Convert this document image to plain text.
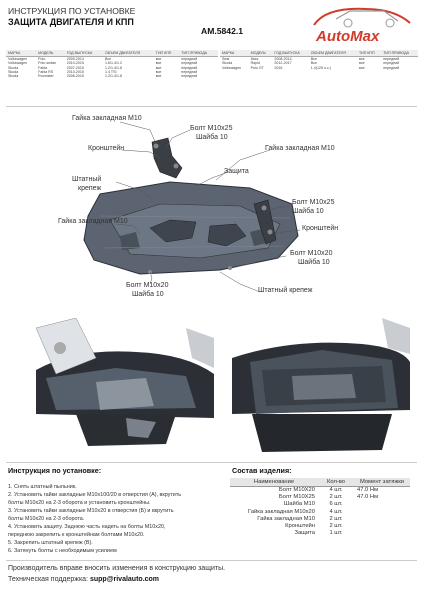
ИНСТРУКЦИЯ ПО УСТАНОВКЕ
ЗАЩИТА ДВИГАТЕЛЯ И КПП
AM.5842.1	AutoMax
МАРКА	МОДЕЛЬ	ГОД ВЫПУСКА	ОБЪЕМ ДВИГАТЕЛЯ	ТИП КПП	ТИП ПРИВОДА
Volkswagen	Polo	2009-2014	Все	все	передний
Volkswagen	Polo sedan	2010-2015	1.6/1.4/1.2	все	передний
Skoda	Fabia	2007-2015	1.2/1.4/1.6	все	передний
Skoda	Fabia RS	2010-2015	1.4 TSI	все	передний
Skoda	Roomster	2006-2015	1.2/1.4/1.6	все	передний
МАРКА	МОДЕЛЬ	ГОД ВЫПУСКА	ОБЪЕМ ДВИГАТЕЛЯ	ТИП КПП	ТИП ПРИВОДА
Seat	Ibiza	2008-2014	Все	все	передний
Skoda	Rapid	2012-2017	Все	все	передний
Volkswagen	Polo GT	2016	1.4(125 л.с.)	все	передний
Гайка закладная М10
Болт М10х25
Шайба 10
Кронштейн	Гайка закладная М10
Защита
Штатный
крепеж
Болт М10х25
Шайба 10
Гайка закладная М10
Кронштейн
Болт М10х20
Шайба 10
Болт М10х20
Шайба 10
Штатный крепеж
Инструкция по установке:
1. Снять штатный пыльник.
2. Установить гайки закладные М10х100/20 в отверстия (А), вкрутить
болты М10х20 на 2-3 оборота и установить кронштейны.
3. Установить гайки закладные М10х20 в отверстия (Б) и вкрутить
болты М10х20 на 2-3 оборота.
4. Установить защиту. Заднюю часть надеть на болты М10х20,
переднюю закрепить к кронштейнам болтами М10х20.
5. Закрепить штатный крепеж (В).
6. Затянуть болты с необходимым усилием
Состав изделия:
Наименование	Кол-во	Момент затяжки
Болт М10Х20	4 шт.	47.0 Нм
Болт М10Х25	2 шт.	47.0 Нм
Шайба М10	6 шт.	
Гайка закладная М10х20	4 шт.	
Гайка закладная М10	2 шт.	
Кронштейн	2 шт.	
Защита	1 шт.	
Производитель вправе вносить изменения в конструкцию защиты.
Техническая поддержка: supp@rivalauto.com
